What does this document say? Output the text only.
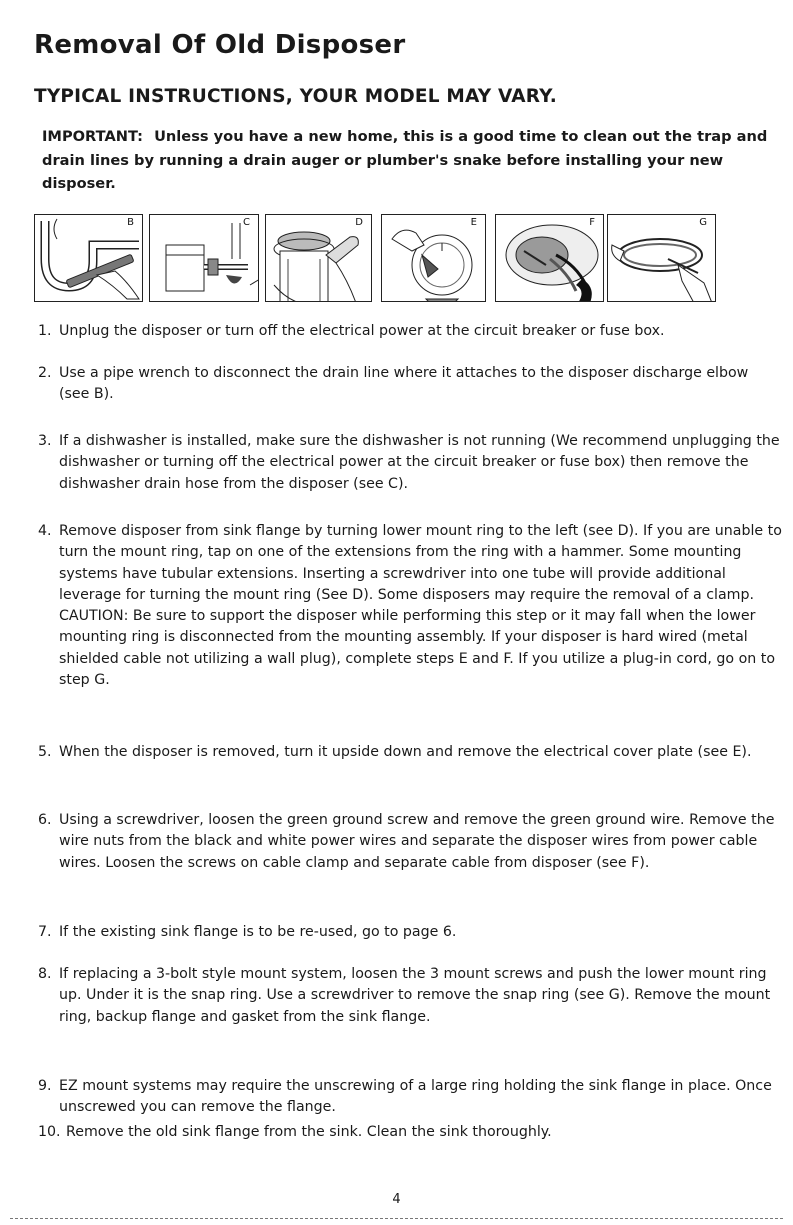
Removal Of Old Disposer
TYPICAL INSTRUCTIONS, YOUR MODEL MAY VARY.

IMPORTANT: Unless you have a new home, this is a good time to clean out the trap and drain lines by running a drain auger or plumber's snake before installing your new disposer.

B	C	D	E	F	G
1. Unplug the disposer or turn off the electrical power at the circuit breaker or fuse box.
2. Use a pipe wrench to disconnect the drain line where it attaches to the disposer discharge elbow (see B).
3. If a dishwasher is installed, make sure the dishwasher is not running (We recommend unplugging the dishwasher or turning off the electrical power at the circuit breaker or fuse box) then remove the dishwasher drain hose from the disposer (see C).
4. Remove disposer from sink flange by turning lower mount ring to the left (see D). If you are unable to turn the mount ring, tap on one of the extensions from the ring with a hammer. Some mounting systems have tubular extensions. Inserting a screwdriver into one tube will provide additional leverage for turning the mount ring (See D). Some disposers may require the removal of a clamp.
CAUTION: Be sure to support the disposer while performing this step or it may fall when the lower mounting ring is disconnected from the mounting assembly. If your disposer is hard wired (metal shielded cable not utilizing a wall plug), complete steps E and F. If you utilize a plug-in cord, go on to step G.
5. When the disposer is removed, turn it upside down and remove the electrical cover plate (see E).
6. Using a screwdriver, loosen the green ground screw and remove the green ground wire. Remove the wire nuts from the black and white power wires and separate the disposer wires from power cable wires. Loosen the screws on cable clamp and separate cable from disposer (see F).
7. If the existing sink flange is to be re-used, go to page 6.
8. If replacing a 3-bolt style mount system, loosen the 3 mount screws and push the lower mount ring up. Under it is the snap ring. Use a screwdriver to remove the snap ring (see G). Remove the mount ring, backup flange and gasket from the sink flange.
9. EZ mount systems may require the unscrewing of a large ring holding the sink flange in place. Once unscrewed you can remove the flange.
10. Remove the old sink flange from the sink. Clean the sink thoroughly.
4
